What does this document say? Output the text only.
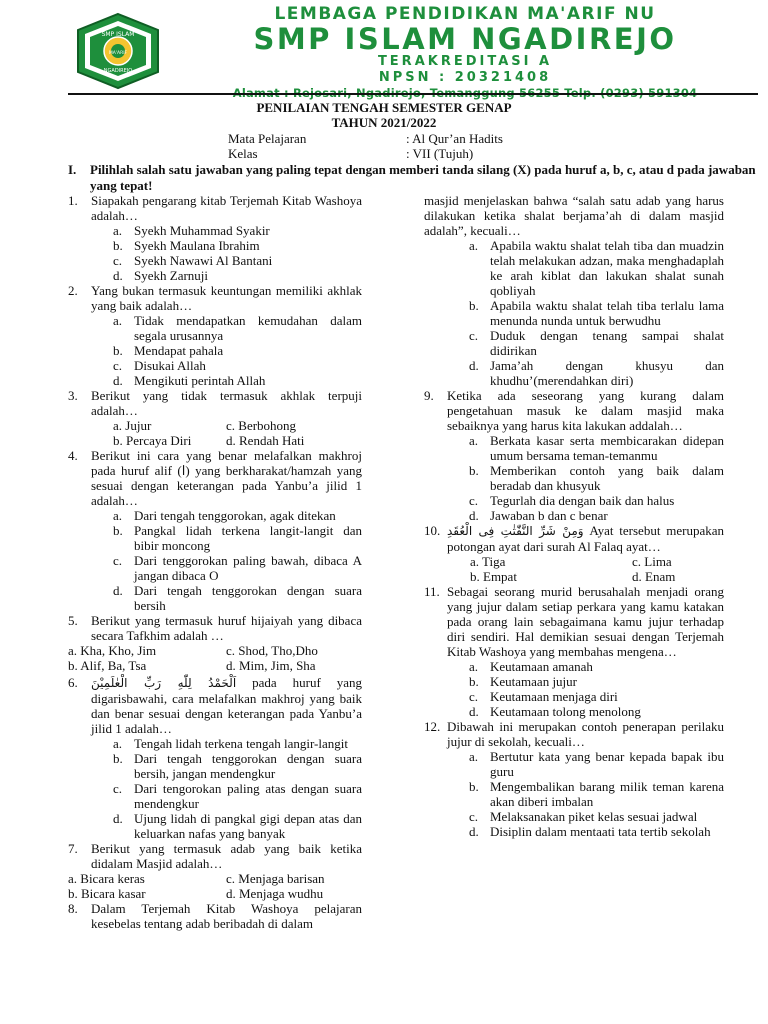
SMP ISLAM
MA'ARIF
NGADIREJO
LEMBAGA PENDIDIKAN MA'ARIF NU
SMP ISLAM NGADIREJO
TERAKREDITASI A
NPSN : 20321408
Alamat : Rejosari, Ngadirejo, Temanggung 56255 Telp. (0293) 591304
PENILAIAN TENGAH SEMESTER GENAP
TAHUN 2021/2022
Mata Pelajaran	: Al Qur’an Hadits
Kelas	: VII (Tujuh)
I. Pilihlah salah satu jawaban yang paling tepat dengan memberi tanda silang (X) pada huruf a, b, c, atau d pada jawaban yang tepat!
1. Siapakah pengarang kitab Terjemah Kitab Washoya adalah…
a. Syekh Muhammad Syakir
b. Syekh Maulana Ibrahim
c. Syekh Nawawi Al Bantani
d. Syekh Zarnuji
2. Yang bukan termasuk keuntungan memiliki akhlak yang baik adalah…
a. Tidak mendapatkan kemudahan dalam segala urusannya
b. Mendapat pahala
c. Disukai Allah
d. Mengikuti perintah Allah
3. Berikut yang tidak termasuk akhlak terpuji adalah…
a. Jujur	c. Berbohong
b. Percaya Diri	d. Rendah Hati
4. Berikut ini cara yang benar melafalkan makhroj pada huruf alif (ا) yang berkharakat/hamzah yang sesuai dengan keterangan pada Yanbu’a jilid 1 adalah…
a. Dari tengah tenggorokan, agak ditekan
b. Pangkal lidah terkena langit-langit dan bibir moncong
c. Dari tenggorokan paling bawah, dibaca A jangan dibaca O
d. Dari tengah tenggorokan dengan suara bersih
5. Berikut yang termasuk huruf hijaiyah yang dibaca secara Tafkhim adalah …
a. Kha, Kho, Jim	c. Shod, Tho,Dho
b. Alif, Ba, Tsa	d. Mim, Jim, Sha
6. اَلْحَمْدُ لِلّٰهِ رَبِّ الْعٰلَمِيْنَ pada huruf yang digarisbawahi, cara melafalkan makhroj yang baik dan benar sesuai dengan keterangan pada Yanbu’a jilid 1 adalah…
a. Tengah lidah terkena tengah langir-langit
b. Dari tengah tenggorokan dengan suara bersih, jangan mendengkur
c. Dari tengorokan paling atas dengan suara mendengkur
d. Ujung lidah di pangkal gigi depan atas dan keluarkan nafas yang banyak
7. Berikut yang termasuk adab yang baik ketika didalam Masjid adalah…
a. Bicara keras	c. Menjaga barisan
b. Bicara kasar	d. Menjaga wudhu
8. Dalam Terjemah Kitab Washoya pelajaran kesebelas tentang adab beribadah di dalam
masjid menjelaskan bahwa “salah satu adab yang harus dilakukan ketika shalat berjama’ah di dalam masjid adalah”, kecuali…
a. Apabila waktu shalat telah tiba dan muadzin telah melakukan adzan, maka menghadaplah ke arah kiblat dan lakukan shalat sunah qobliyah
b. Apabila waktu shalat telah tiba terlalu lama menunda nunda untuk berwudhu
c. Duduk dengan tenang sampai shalat didirikan
d. Jama’ah dengan khusyu dan khudhu’(merendahkan diri)
9. Ketika ada seseorang yang kurang dalam pengetahuan masuk ke dalam masjid maka sebaiknya yang harus kita lakukan addalah…
a. Berkata kasar serta membicarakan didepan umum bersama teman-temanmu
b. Memberikan contoh yang baik dalam beradab dan khusyuk
c. Tegurlah dia dengan baik dan halus
d. Jawaban b dan c benar
10. وَمِنْ شَرِّ النَّفّٰثٰتِ فِى الْعُقَدِ Ayat tersebut merupakan potongan ayat dari surah Al Falaq ayat…
a. Tiga	c. Lima
b. Empat	d. Enam
11. Sebagai seorang murid berusahalah menjadi orang yang jujur dalam setiap perkara yang kamu katakan pada orang lain sebagaimana kamu jujur terhadap diri sendiri. Hal demikian sesuai dengan Terjemah Kitab Washoya yang membahas mengena…
a. Keutamaan amanah
b. Keutamaan jujur
c. Keutamaan menjaga diri
d. Keutamaan tolong menolong
12. Dibawah ini merupakan contoh penerapan perilaku jujur di sekolah, kecuali…
a. Bertutur kata yang benar kepada bapak ibu guru
b. Mengembalikan barang milik teman karena akan diberi imbalan
c. Melaksanakan piket kelas sesuai jadwal
d. Disiplin dalam mentaati tata tertib sekolah
